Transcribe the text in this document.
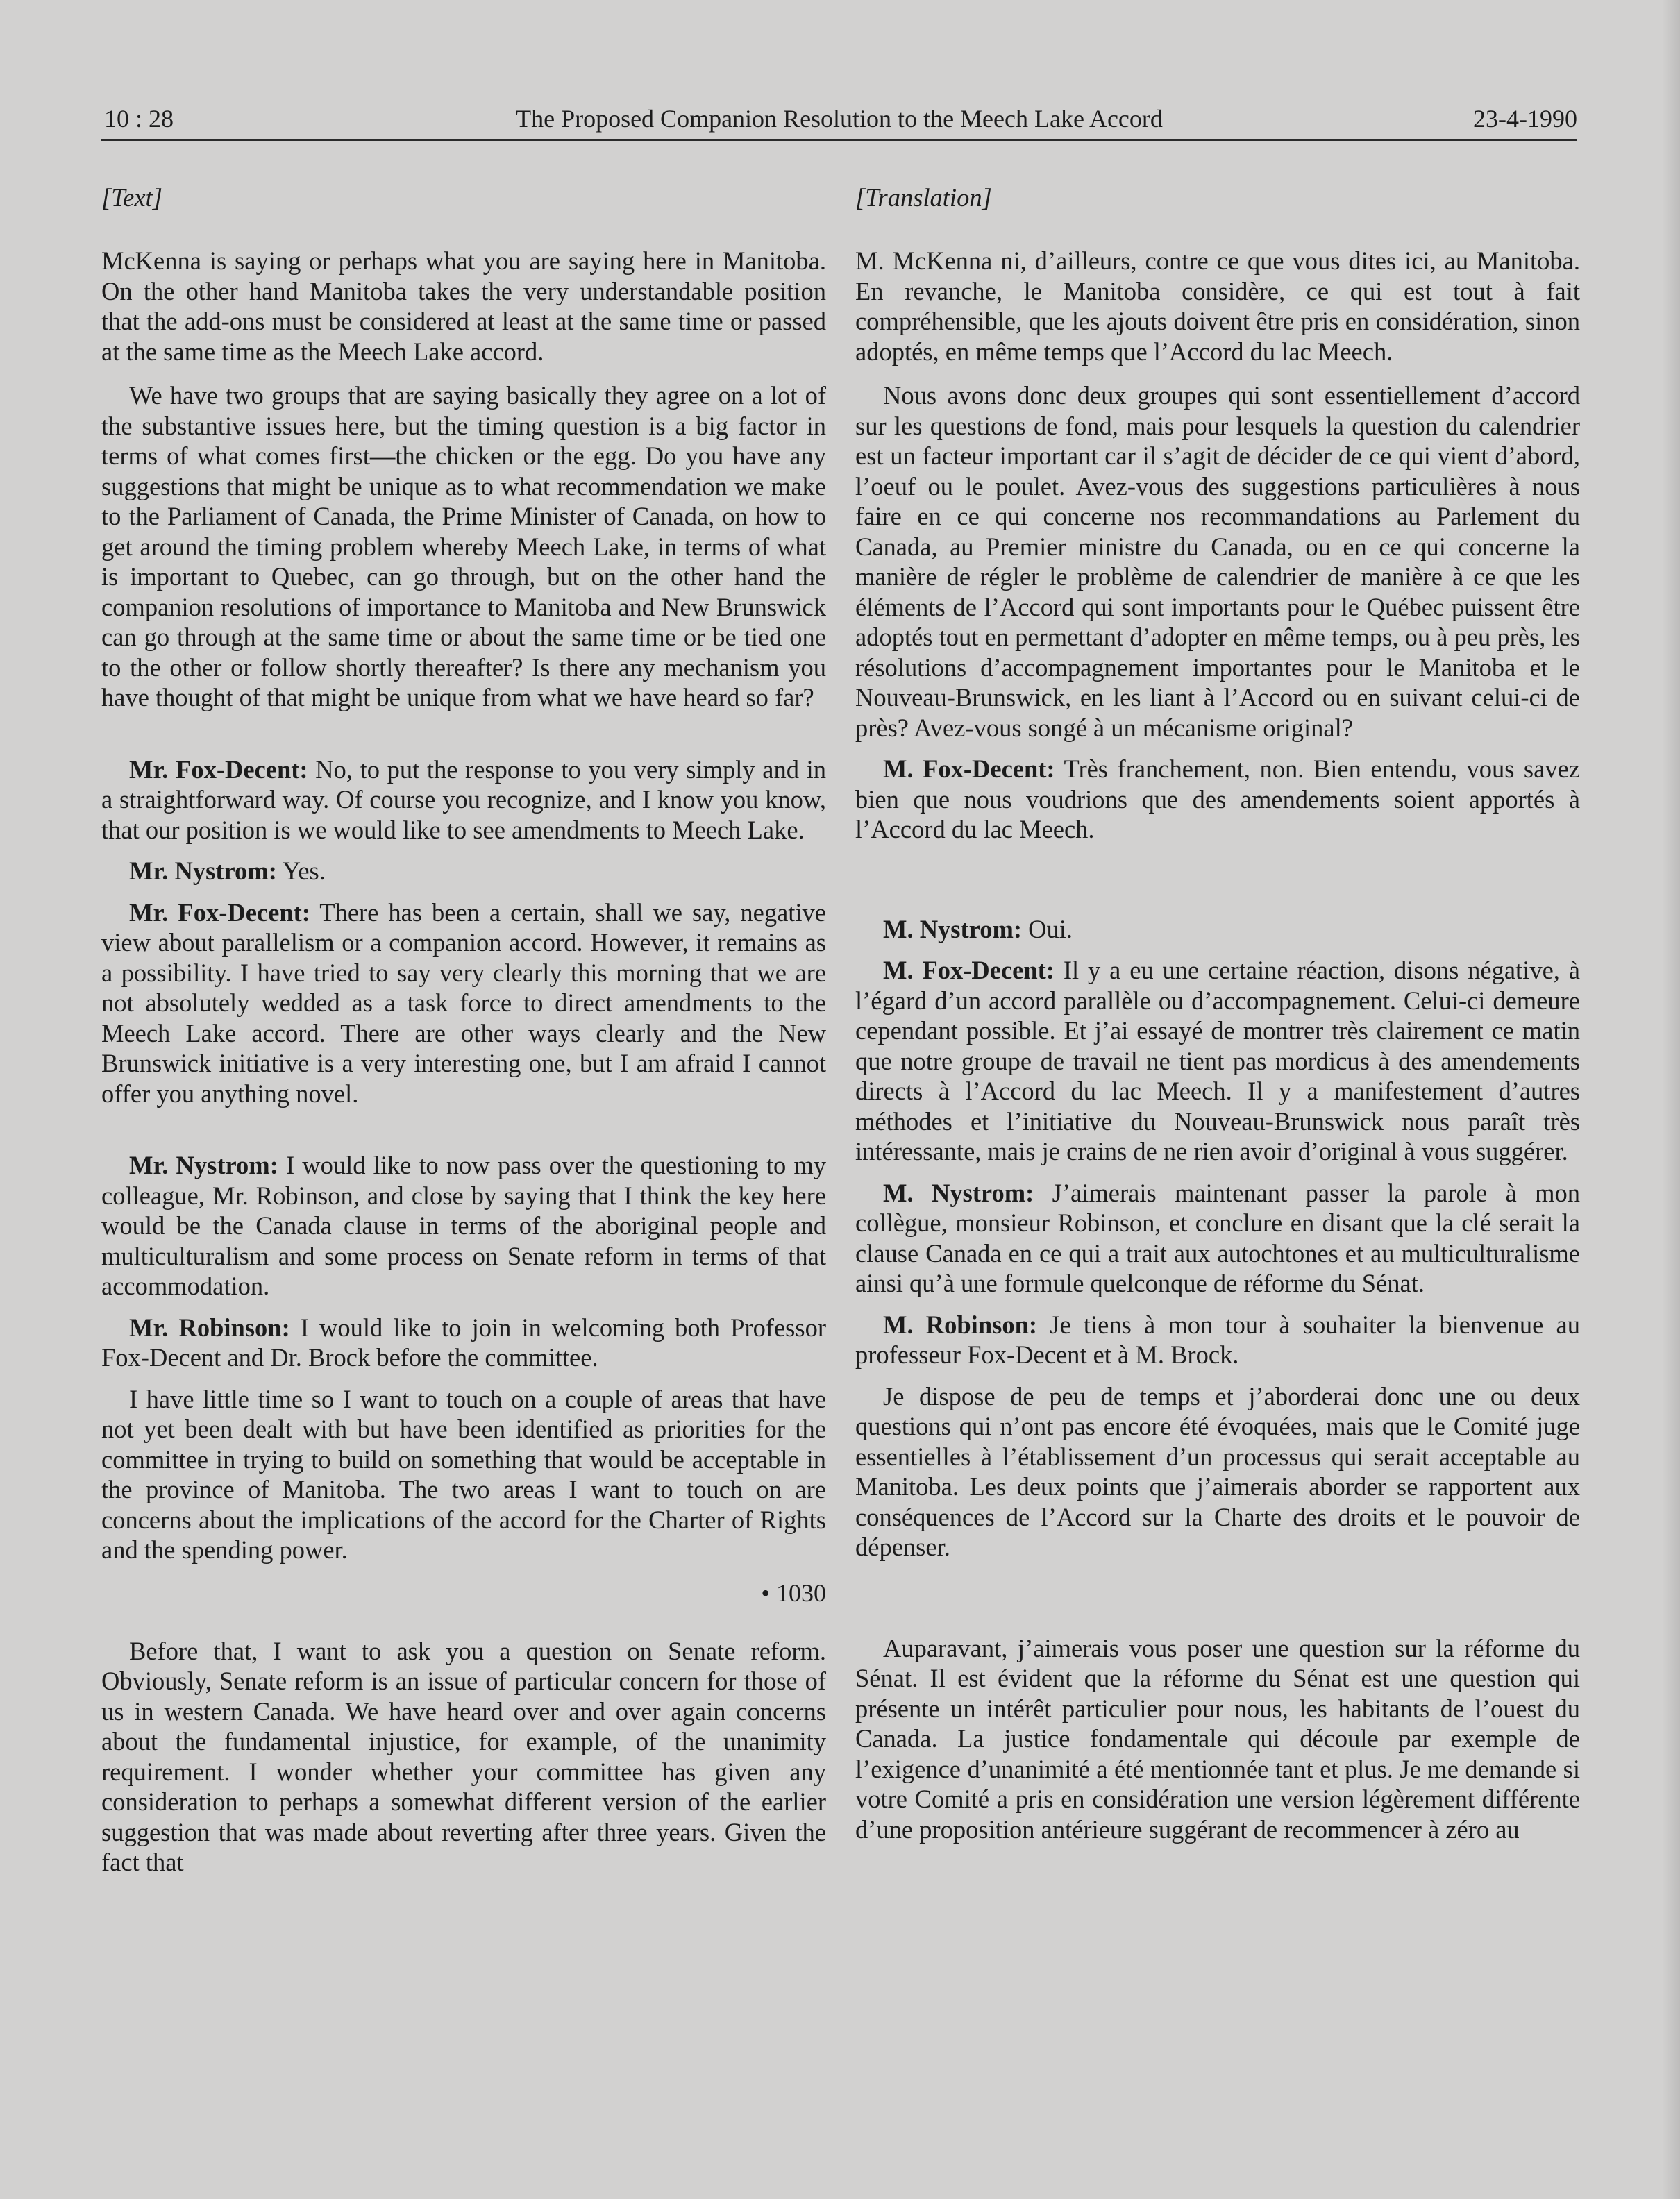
10 : 28	The Proposed Companion Resolution to the Meech Lake Accord	23-4-1990
[Text]

McKenna is saying or perhaps what you are saying here in Manitoba. On the other hand Manitoba takes the very understandable position that the add-ons must be considered at least at the same time or passed at the same time as the Meech Lake accord.

We have two groups that are saying basically they agree on a lot of the substantive issues here, but the timing question is a big factor in terms of what comes first—the chicken or the egg. Do you have any suggestions that might be unique as to what recommendation we make to the Parliament of Canada, the Prime Minister of Canada, on how to get around the timing problem whereby Meech Lake, in terms of what is important to Quebec, can go through, but on the other hand the companion resolutions of importance to Manitoba and New Brunswick can go through at the same time or about the same time or be tied one to the other or follow shortly thereafter? Is there any mechanism you have thought of that might be unique from what we have heard so far?

Mr. Fox-Decent: No, to put the response to you very simply and in a straightforward way. Of course you recognize, and I know you know, that our position is we would like to see amendments to Meech Lake.

Mr. Nystrom: Yes.

Mr. Fox-Decent: There has been a certain, shall we say, negative view about parallelism or a companion accord. However, it remains as a possibility. I have tried to say very clearly this morning that we are not absolutely wedded as a task force to direct amendments to the Meech Lake accord. There are other ways clearly and the New Brunswick initiative is a very interesting one, but I am afraid I cannot offer you anything novel.

Mr. Nystrom: I would like to now pass over the questioning to my colleague, Mr. Robinson, and close by saying that I think the key here would be the Canada clause in terms of the aboriginal people and multiculturalism and some process on Senate reform in terms of that accommodation.

Mr. Robinson: I would like to join in welcoming both Professor Fox-Decent and Dr. Brock before the committee.

I have little time so I want to touch on a couple of areas that have not yet been dealt with but have been identified as priorities for the committee in trying to build on something that would be acceptable in the province of Manitoba. The two areas I want to touch on are concerns about the implications of the accord for the Charter of Rights and the spending power.

• 1030

Before that, I want to ask you a question on Senate reform. Obviously, Senate reform is an issue of particular concern for those of us in western Canada. We have heard over and over again concerns about the fundamental injustice, for example, of the unanimity requirement. I wonder whether your committee has given any consideration to perhaps a somewhat different version of the earlier suggestion that was made about reverting after three years. Given the fact that

[Translation]

M. McKenna ni, d’ailleurs, contre ce que vous dites ici, au Manitoba. En revanche, le Manitoba considère, ce qui est tout à fait compréhensible, que les ajouts doivent être pris en considération, sinon adoptés, en même temps que l’Accord du lac Meech.

Nous avons donc deux groupes qui sont essentiellement d’accord sur les questions de fond, mais pour lesquels la question du calendrier est un facteur important car il s’agit de décider de ce qui vient d’abord, l’oeuf ou le poulet. Avez-vous des suggestions particulières à nous faire en ce qui concerne nos recommandations au Parlement du Canada, au Premier ministre du Canada, ou en ce qui concerne la manière de régler le problème de calendrier de manière à ce que les éléments de l’Accord qui sont importants pour le Québec puissent être adoptés tout en permettant d’adopter en même temps, ou à peu près, les résolutions d’accompagnement importantes pour le Manitoba et le Nouveau-Brunswick, en les liant à l’Accord ou en suivant celui-ci de près? Avez-vous songé à un mécanisme original?

M. Fox-Decent: Très franchement, non. Bien entendu, vous savez bien que nous voudrions que des amendements soient apportés à l’Accord du lac Meech.

M. Nystrom: Oui.

M. Fox-Decent: Il y a eu une certaine réaction, disons négative, à l’égard d’un accord parallèle ou d’accompagnement. Celui-ci demeure cependant possible. Et j’ai essayé de montrer très clairement ce matin que notre groupe de travail ne tient pas mordicus à des amendements directs à l’Accord du lac Meech. Il y a manifestement d’autres méthodes et l’initiative du Nouveau-Brunswick nous paraît très intéressante, mais je crains de ne rien avoir d’original à vous suggérer.

M. Nystrom: J’aimerais maintenant passer la parole à mon collègue, monsieur Robinson, et conclure en disant que la clé serait la clause Canada en ce qui a trait aux autochtones et au multiculturalisme ainsi qu’à une formule quelconque de réforme du Sénat.

M. Robinson: Je tiens à mon tour à souhaiter la bienvenue au professeur Fox-Decent et à M. Brock.

Je dispose de peu de temps et j’aborderai donc une ou deux questions qui n’ont pas encore été évoquées, mais que le Comité juge essentielles à l’établissement d’un processus qui serait acceptable au Manitoba. Les deux points que j’aimerais aborder se rapportent aux conséquences de l’Accord sur la Charte des droits et le pouvoir de dépenser.

Auparavant, j’aimerais vous poser une question sur la réforme du Sénat. Il est évident que la réforme du Sénat est une question qui présente un intérêt particulier pour nous, les habitants de l’ouest du Canada. La justice fondamentale qui découle par exemple de l’exigence d’unanimité a été mentionnée tant et plus. Je me demande si votre Comité a pris en considération une version légèrement différente d’une proposition antérieure suggérant de recommencer à zéro au
